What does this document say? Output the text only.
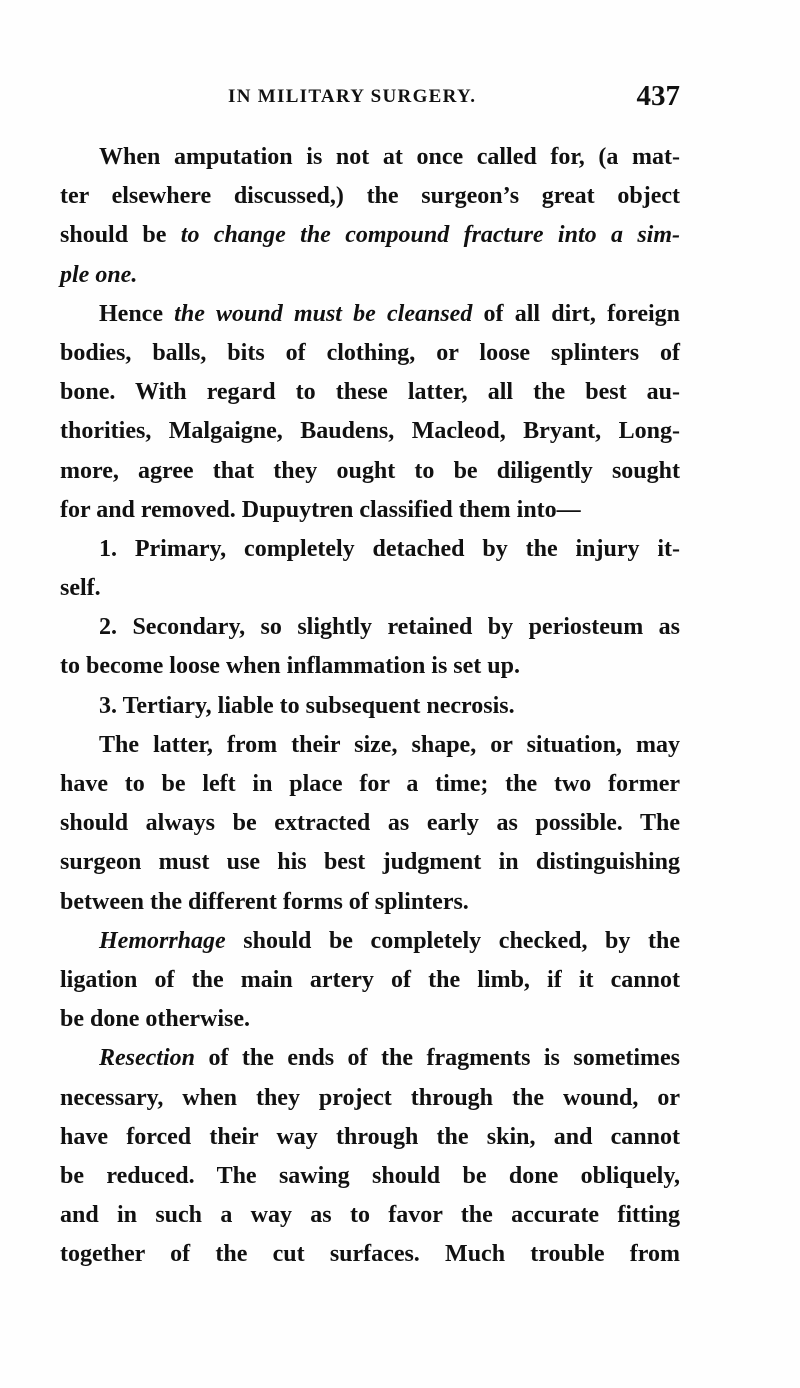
IN MILITARY SURGERY.	437
When amputation is not at once called for, (a mat-
ter elsewhere discussed,) the surgeon’s great object
should be to change the compound fracture into a sim-
ple one.
Hence the wound must be cleansed of all dirt, foreign
bodies, balls, bits of clothing, or loose splinters of
bone. With regard to these latter, all the best au-
thorities, Malgaigne, Baudens, Macleod, Bryant, Long-
more, agree that they ought to be diligently sought
for and removed. Dupuytren classified them into—
1. Primary, completely detached by the injury it-
self.
2. Secondary, so slightly retained by periosteum as
to become loose when inflammation is set up.
3. Tertiary, liable to subsequent necrosis.
The latter, from their size, shape, or situation, may
have to be left in place for a time; the two former
should always be extracted as early as possible. The
surgeon must use his best judgment in distinguishing
between the different forms of splinters.
Hemorrhage should be completely checked, by the
ligation of the main artery of the limb, if it cannot
be done otherwise.
Resection of the ends of the fragments is sometimes
necessary, when they project through the wound, or
have forced their way through the skin, and cannot
be reduced. The sawing should be done obliquely,
and in such a way as to favor the accurate fitting
together of the cut surfaces. Much trouble from
